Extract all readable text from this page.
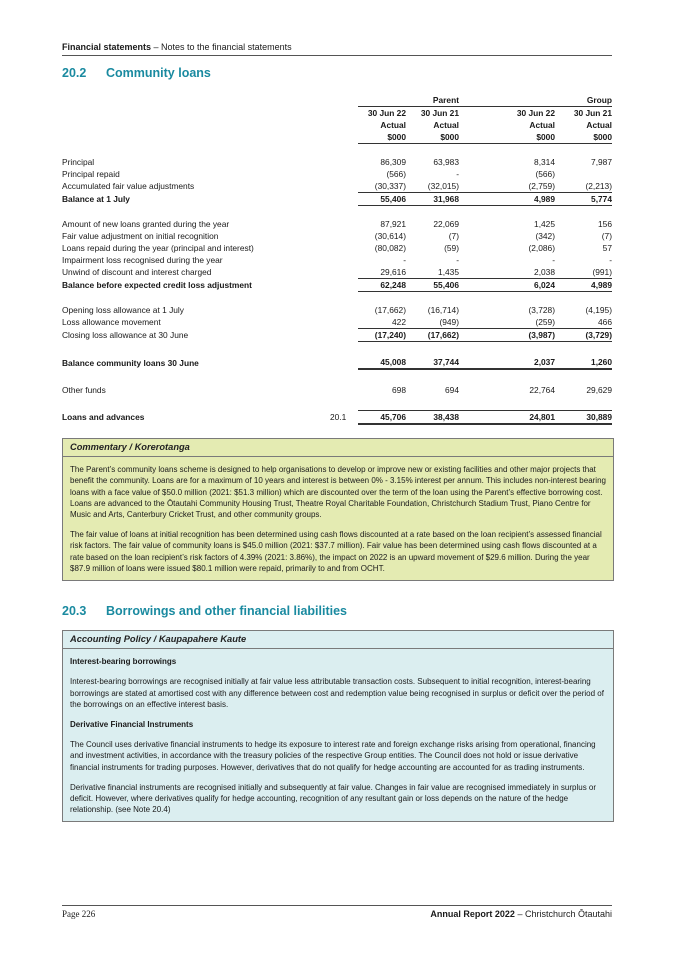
Financial statements – Notes to the financial statements
20.2 Community loans
			Parent		Group
		30 Jun 22	30 Jun 21	30 Jun 22	30 Jun 21
		Actual	Actual	Actual	Actual
		$000	$000	$000	$000

Principal		86,309	63,983	8,314	7,987
Principal repaid		(566)	-	(566)	
Accumulated fair value adjustments		(30,337)	(32,015)	(2,759)	(2,213)
Balance at 1 July		55,406	31,968	4,989	5,774

Amount of new loans granted during the year		87,921	22,069	1,425	156
Fair value adjustment on initial recognition		(30,614)	(7)	(342)	(7)
Loans repaid during the year (principal and interest)		(80,082)	(59)	(2,086)	57
Impairment loss recognised during the year		-	-	-	-
Unwind of discount and interest charged		29,616	1,435	2,038	(991)
Balance before expected credit loss adjustment		62,248	55,406	6,024	4,989

Opening loss allowance at 1 July		(17,662)	(16,714)	(3,728)	(4,195)
Loss allowance movement		422	(949)	(259)	466
Closing loss allowance at 30 June		(17,240)	(17,662)	(3,987)	(3,729)

Balance community loans 30 June		45,008	37,744	2,037	1,260

Other funds		698	694	22,764	29,629

Loans and advances	20.1	45,706	38,438	24,801	30,889
Commentary / Korerotanga

The Parent’s community loans scheme is designed to help organisations to develop or improve new or existing facilities and other major projects that benefit the community. Loans are for a maximum of 10 years and interest is between 0% - 3.15% interest per annum. This includes non-interest bearing loans with a face value of $50.0 million (2021: $51.3 million) which are discounted over the term of the loan using the Parent’s effective borrowing cost. Loans are advanced to the Ōtautahi Community Housing Trust, Theatre Royal Charitable Foundation, Christchurch Stadium Trust, Piano Centre for Music and Arts, Canterbury Cricket Trust, and other community groups.

The fair value of loans at initial recognition has been determined using cash flows discounted at a rate based on the loan recipient’s assessed financial risk factors. The fair value of community loans is $45.0 million (2021: $37.7 million). Fair value has been determined using cash flows discounted at a rate based on the loan recipient’s risk factors of 4.39% (2021: 3.86%), the impact on 2022 is an upward movement of $29.6 million. During the year $87.9 million of loans were issued $80.1 million were repaid, primarily to and from OCHT.

20.3 Borrowings and other financial liabilities
Accounting Policy / Kaupapahere Kaute
Interest-bearing borrowings

Interest-bearing borrowings are recognised initially at fair value less attributable transaction costs. Subsequent to initial recognition, interest-bearing borrowings are stated at amortised cost with any difference between cost and redemption value being recognised in surplus or deficit over the period of the borrowings on an effective interest basis.

Derivative Financial Instruments

The Council uses derivative financial instruments to hedge its exposure to interest rate and foreign exchange risks arising from operational, financing and investment activities, in accordance with the treasury policies of the respective Group entities. The Council does not hold or issue derivative financial instruments for trading purposes. However, derivatives that do not qualify for hedge accounting are accounted for as trading instruments.

Derivative financial instruments are recognised initially and subsequently at fair value. Changes in fair value are recognised immediately in surplus or deficit. However, where derivatives qualify for hedge accounting, recognition of any resultant gain or loss depends on the nature of the hedge relationship. (see Note 20.4)

Page 226	Annual Report 2022 – Christchurch Ōtautahi
